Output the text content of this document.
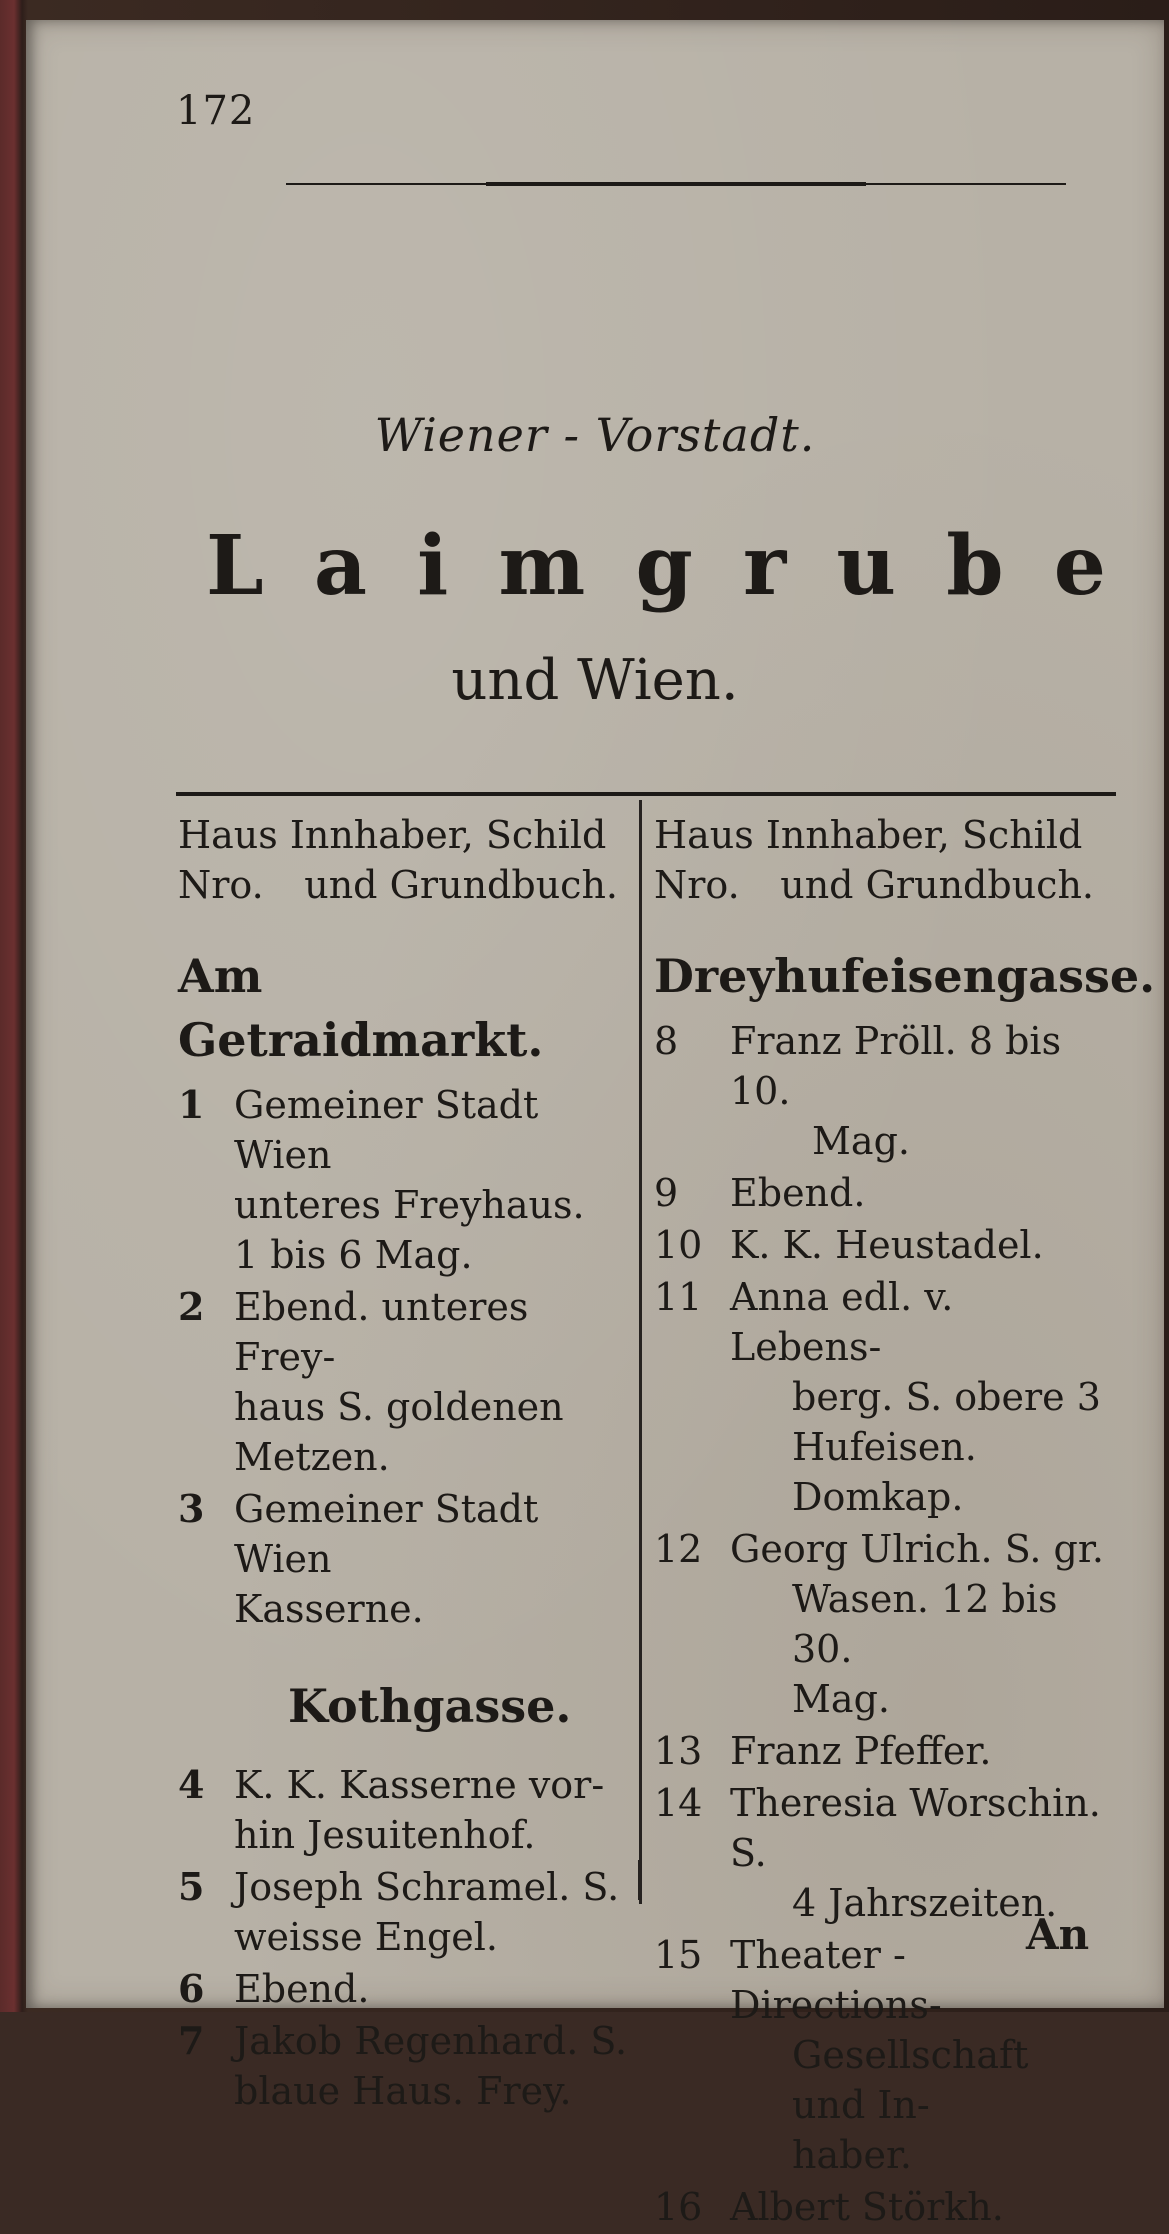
172
Wiener - Vorstadt.
L a i m g r u b e
und Wien.
Haus Innhaber, Schild
Nro. und Grundbuch.
Am Getraidmarkt.
1 Gemeiner Stadt Wien
unteres Freyhaus.
1 bis 6 Mag.
2 Ebend. unteres Frey-
haus S. goldenen
Metzen.
3 Gemeiner Stadt Wien
Kasserne.
Kothgasse.
4 K. K. Kasserne vor-
hin Jesuitenhof.
5 Joseph Schramel. S.
weisse Engel.
6 Ebend.
7 Jakob Regenhard. S.
blaue Haus. Frey.
Haus Innhaber, Schild
Nro. und Grundbuch.
Dreyhufeisengasse.
8	Franz Pröll. 8 bis 10.
Mag.
9	Ebend.
10 K. K. Heustadel.
11 Anna edl. v. Lebens-
berg. S. obere 3
Hufeisen. Domkap.
12 Georg Ulrich. S. gr.
Wasen. 12 bis 30.
Mag.
13 Franz Pfeffer.
14 Theresia Worschin. S.
4 Jahrszeiten.
15 Theater - Directions-
Gesellschaft und In-
haber.
16 Albert Störkh.
An
